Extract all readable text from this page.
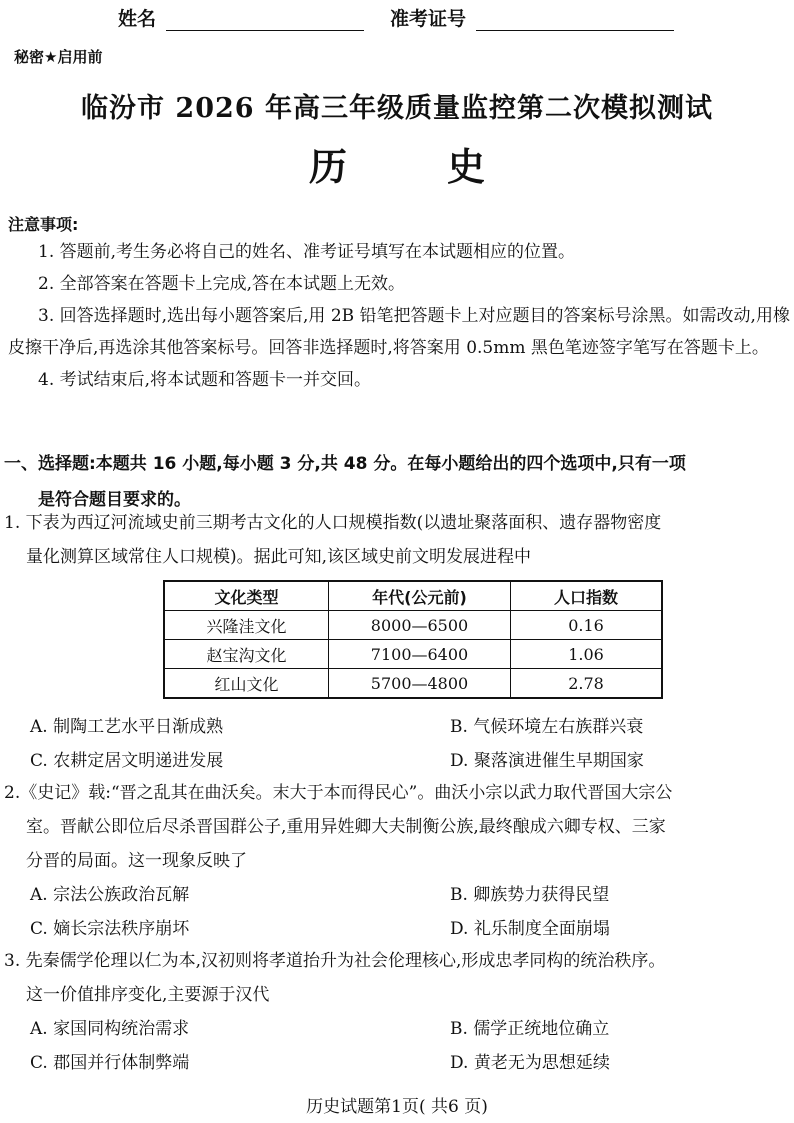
姓名	准考证号
秘密★启用前
临汾市 2026 年高三年级质量监控第二次模拟测试
历史
注意事项:

1. 答题前,考生务必将自己的姓名、准考证号填写在本试题相应的位置。

2. 全部答案在答题卡上完成,答在本试题上无效。

3. 回答选择题时,选出每小题答案后,用 2B 铅笔把答题卡上对应题目的答案标号涂黑。如需改动,用橡皮擦干净后,再选涂其他答案标号。回答非选择题时,将答案用 0.5mm 黑色笔迹签字笔写在答题卡上。

4. 考试结束后,将本试题和答题卡一并交回。

一、选择题:本题共 16 小题,每小题 3 分,共 48 分。在每小题给出的四个选项中,只有一项
是符合题目要求的。

1. 下表为西辽河流域史前三期考古文化的人口规模指数(以遗址聚落面积、遗存器物密度

量化测算区域常住人口规模)。据此可知,该区域史前文明发展进程中

文化类型	年代(公元前)	人口指数
兴隆洼文化	8000—6500	0.16
赵宝沟文化	7100—6400	1.06
红山文化	5700—4800	2.78
A. 制陶工艺水平日渐成熟	B. 气候环境左右族群兴衰
C. 农耕定居文明递进发展	D. 聚落演进催生早期国家

2.《史记》载:“晋之乱其在曲沃矣。末大于本而得民心”。曲沃小宗以武力取代晋国大宗公

室。晋献公即位后尽杀晋国群公子,重用异姓卿大夫制衡公族,最终酿成六卿专权、三家

分晋的局面。这一现象反映了

A. 宗法公族政治瓦解	B. 卿族势力获得民望
C. 嫡长宗法秩序崩坏	D. 礼乐制度全面崩塌

3. 先秦儒学伦理以仁为本,汉初则将孝道抬升为社会伦理核心,形成忠孝同构的统治秩序。

这一价值排序变化,主要源于汉代

A. 家国同构统治需求	B. 儒学正统地位确立
C. 郡国并行体制弊端	D. 黄老无为思想延续
历史试题第1页( 共6 页)
